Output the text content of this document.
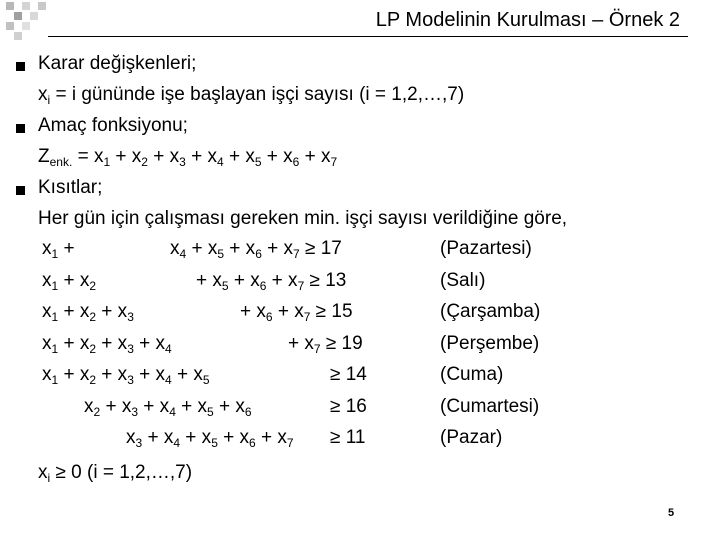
LP Modelinin Kurulması – Örnek 2
Karar değişkenleri;
$x_i = i$ gününde işe başlayan işçi sayısı (i = 1,2,…,7)
Amaç fonksiyonu;
$Z_{enk.} = x_1 + x_2 + x_3 + x_4 + x_5 + x_6 + x_7$
Kısıtlar;
Her gün için çalışması gereken min. işçi sayısı verildiğine göre,
$x_1$ +	$x_4 + x_5 + x_6 + x_7 \ge 17$	(Pazartesi)
$x_1 + x_2$	+ $x_5 + x_6 + x_7 \ge 13$	(Salı)
$x_1 + x_2 + x_3$	+ $x_6 + x_7 \ge 15$	(Çarşamba)
$x_1 + x_2 + x_3 + x_4$	+ $x_7 \ge 19$	(Perşembe)
$x_1 + x_2 + x_3 + x_4 + x_5$	≥ 14	(Cuma)
$x_2 + x_3 + x_4 + x_5 + x_6$	≥ 16	(Cumartesi)
$x_3 + x_4 + x_5 + x_6 + x_7 \ge 11$	(Pazar)
$x_i \ge 0$ (i = 1,2,…,7)
5
